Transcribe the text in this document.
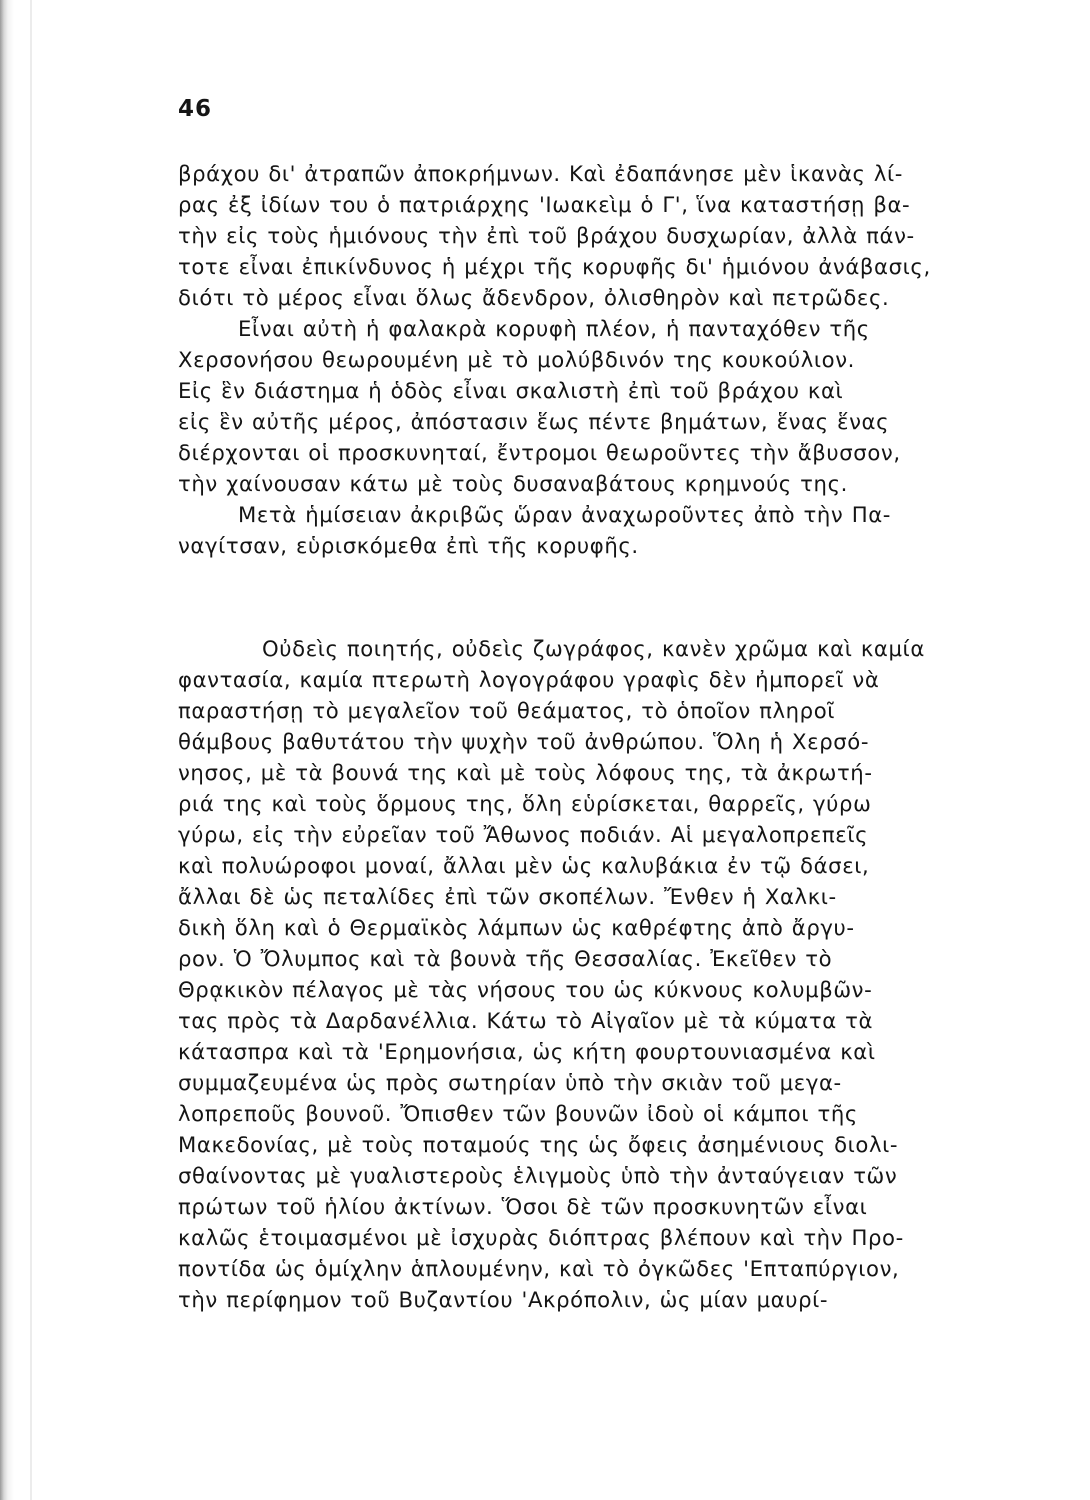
46
βράχου δι' ἀτραπῶν ἀποκρήμνων. Καὶ ἐδαπάνησε μὲν ἱκανὰς λί-
ρας ἐξ ἰδίων του ὁ πατριάρχης 'Ιωακεὶμ ὁ Γ', ἵνα καταστήσῃ βα-
τὴν εἰς τοὺς ἡμιόνους τὴν ἐπὶ τοῦ βράχου δυσχωρίαν, ἀλλὰ πάν-
τοτε εἶναι ἐπικίνδυνος ἡ μέχρι τῆς κορυφῆς δι' ἡμιόνου ἀνάβασις,
διότι τὸ μέρος εἶναι ὅλως ἄδενδρον, ὀλισθηρὸν καὶ πετρῶδες.
Εἶναι αὐτὴ ἡ φαλακρὰ κορυφὴ πλέον, ἡ πανταχόθεν τῆς
Χερσονήσου θεωρουμένη μὲ τὸ μολύβδινόν της κουκούλιον.
Εἰς ἓν διάστημα ἡ ὁδὸς εἶναι σκαλιστὴ ἐπὶ τοῦ βράχου καὶ
εἰς ἓν αὐτῆς μέρος, ἀπόστασιν ἕως πέντε βημάτων, ἕνας ἕνας
διέρχονται οἱ προσκυνηταί, ἔντρομοι θεωροῦντες τὴν ἄβυσσον,
τὴν χαίνουσαν κάτω μὲ τοὺς δυσαναβάτους κρημνούς της.
Μετὰ ἡμίσειαν ἀκριβῶς ὥραν ἀναχωροῦντες ἀπὸ τὴν Πα-
ναγίτσαν, εὑρισκόμεθα ἐπὶ τῆς κορυφῆς.
Οὐδεὶς ποιητής, οὐδεὶς ζωγράφος, κανὲν χρῶμα καὶ καμία
φαντασία, καμία πτερωτὴ λογογράφου γραφὶς δὲν ἠμπορεῖ νὰ
παραστήσῃ τὸ μεγαλεῖον τοῦ θεάματος, τὸ ὁποῖον πληροῖ
θάμβους βαθυτάτου τὴν ψυχὴν τοῦ ἀνθρώπου. Ὅλη ἡ Χερσό-
νησος, μὲ τὰ βουνά της καὶ μὲ τοὺς λόφους της, τὰ ἀκρωτή-
ριά της καὶ τοὺς ὅρμους της, ὅλη εὑρίσκεται, θαρρεῖς, γύρω
γύρω, εἰς τὴν εὐρεῖαν τοῦ Ἄθωνος ποδιάν. Αἱ μεγαλοπρεπεῖς
καὶ πολυώροφοι μοναί, ἄλλαι μὲν ὡς καλυβάκια ἐν τῷ δάσει,
ἄλλαι δὲ ὡς πεταλίδες ἐπὶ τῶν σκοπέλων. Ἔνθεν ἡ Χαλκι-
δικὴ ὅλη καὶ ὁ Θερμαϊκὸς λάμπων ὡς καθρέφτης ἀπὸ ἄργυ-
ρον. Ὁ Ὄλυμπος καὶ τὰ βουνὰ τῆς Θεσσαλίας. Ἐκεῖθεν τὸ
Θρᾳκικὸν πέλαγος μὲ τὰς νήσους του ὡς κύκνους κολυμβῶν-
τας πρὸς τὰ Δαρδανέλλια. Κάτω τὸ Αἰγαῖον μὲ τὰ κύματα τὰ
κάτασπρα καὶ τὰ 'Ερημονήσια, ὡς κήτη φουρτουνιασμένα καὶ
συμμαζευμένα ὡς πρὸς σωτηρίαν ὑπὸ τὴν σκιὰν τοῦ μεγα-
λοπρεποῦς βουνοῦ. Ὄπισθεν τῶν βουνῶν ἰδοὺ οἱ κάμποι τῆς
Μακεδονίας, μὲ τοὺς ποταμούς της ὡς ὄφεις ἀσημένιους διολι-
σθαίνοντας μὲ γυαλιστεροὺς ἑλιγμοὺς ὑπὸ τὴν ἀνταύγειαν τῶν
πρώτων τοῦ ἡλίου ἀκτίνων. Ὅσοι δὲ τῶν προσκυνητῶν εἶναι
καλῶς ἑτοιμασμένοι μὲ ἰσχυρὰς διόπτρας βλέπουν καὶ τὴν Προ-
ποντίδα ὡς ὁμίχλην ἁπλουμένην, καὶ τὸ ὀγκῶδες 'Επταπύργιον,
τὴν περίφημον τοῦ Βυζαντίου 'Ακρόπολιν, ὡς μίαν μαυρί-
